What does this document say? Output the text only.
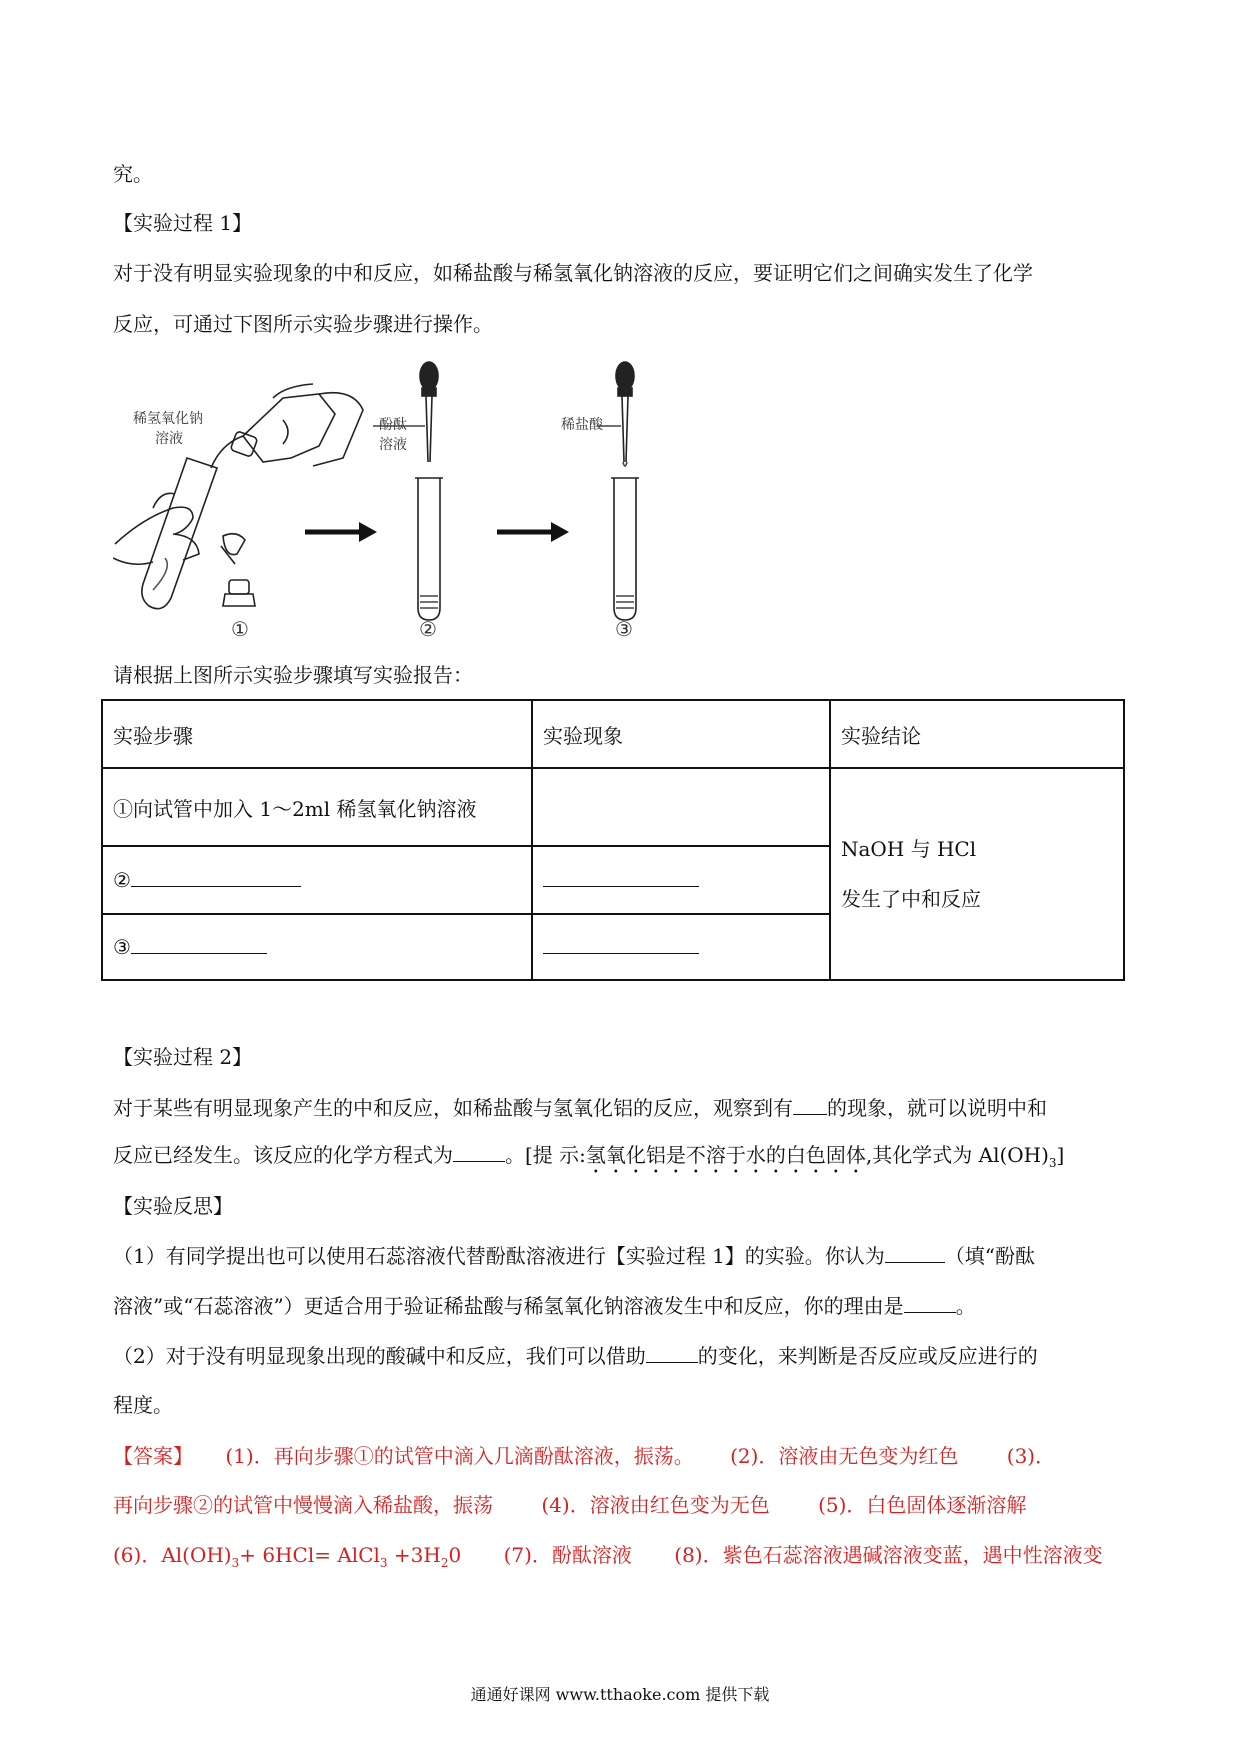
究。
【实验过程 1】
对于没有明显实验现象的中和反应，如稀盐酸与稀氢氧化钠溶液的反应，要证明它们之间确实发生了化学
反应，可通过下图所示实验步骤进行操作。
稀氢氧化钠
溶液
酚酞
溶液
稀盐酸
①	②	③
请根据上图所示实验步骤填写实验报告：
实验步骤	实验现象	实验结论
①向试管中加入 1～2ml 稀氢氧化钠溶液		NaOH 与 HCl
发生了中和反应

②		
③		
【实验过程 2】
对于某些有明显现象产生的中和反应，如稀盐酸与氢氧化铝的反应，观察到有 的现象，就可以说明中和
反应已经发生。该反应的化学方程式为	。[提 示:氢氧化铝是不溶于水的白色固体,其化学式为 $Al(OH)_3$]
【实验反思】
（1）有同学提出也可以使用石蕊溶液代替酚酞溶液进行【实验过程 1】的实验。你认为	（填“酚酞
溶液”或“石蕊溶液”）更适合用于验证稀盐酸与稀氢氧化钠溶液发生中和反应，你的理由是	。
（2）对于没有明显现象出现的酸碱中和反应，我们可以借助	的变化，来判断是否反应或反应进行的
程度。
【答案】 (1)．再向步骤①的试管中滴入几滴酚酞溶液，振荡。 (2)．溶液由无色变为红色 (3)．
再向步骤②的试管中慢慢滴入稀盐酸，振荡 (4)．溶液由红色变为无色 (5)．白色固体逐渐溶解
(6)．$Al(OH)_3+ 6HCl=$ AlCl$_3$ $+3H_20$ (7)．酚酞溶液 (8)．紫色石蕊溶液遇碱溶液变蓝，遇中性溶液变
通通好课网 www.tthaoke.com 提供下载
